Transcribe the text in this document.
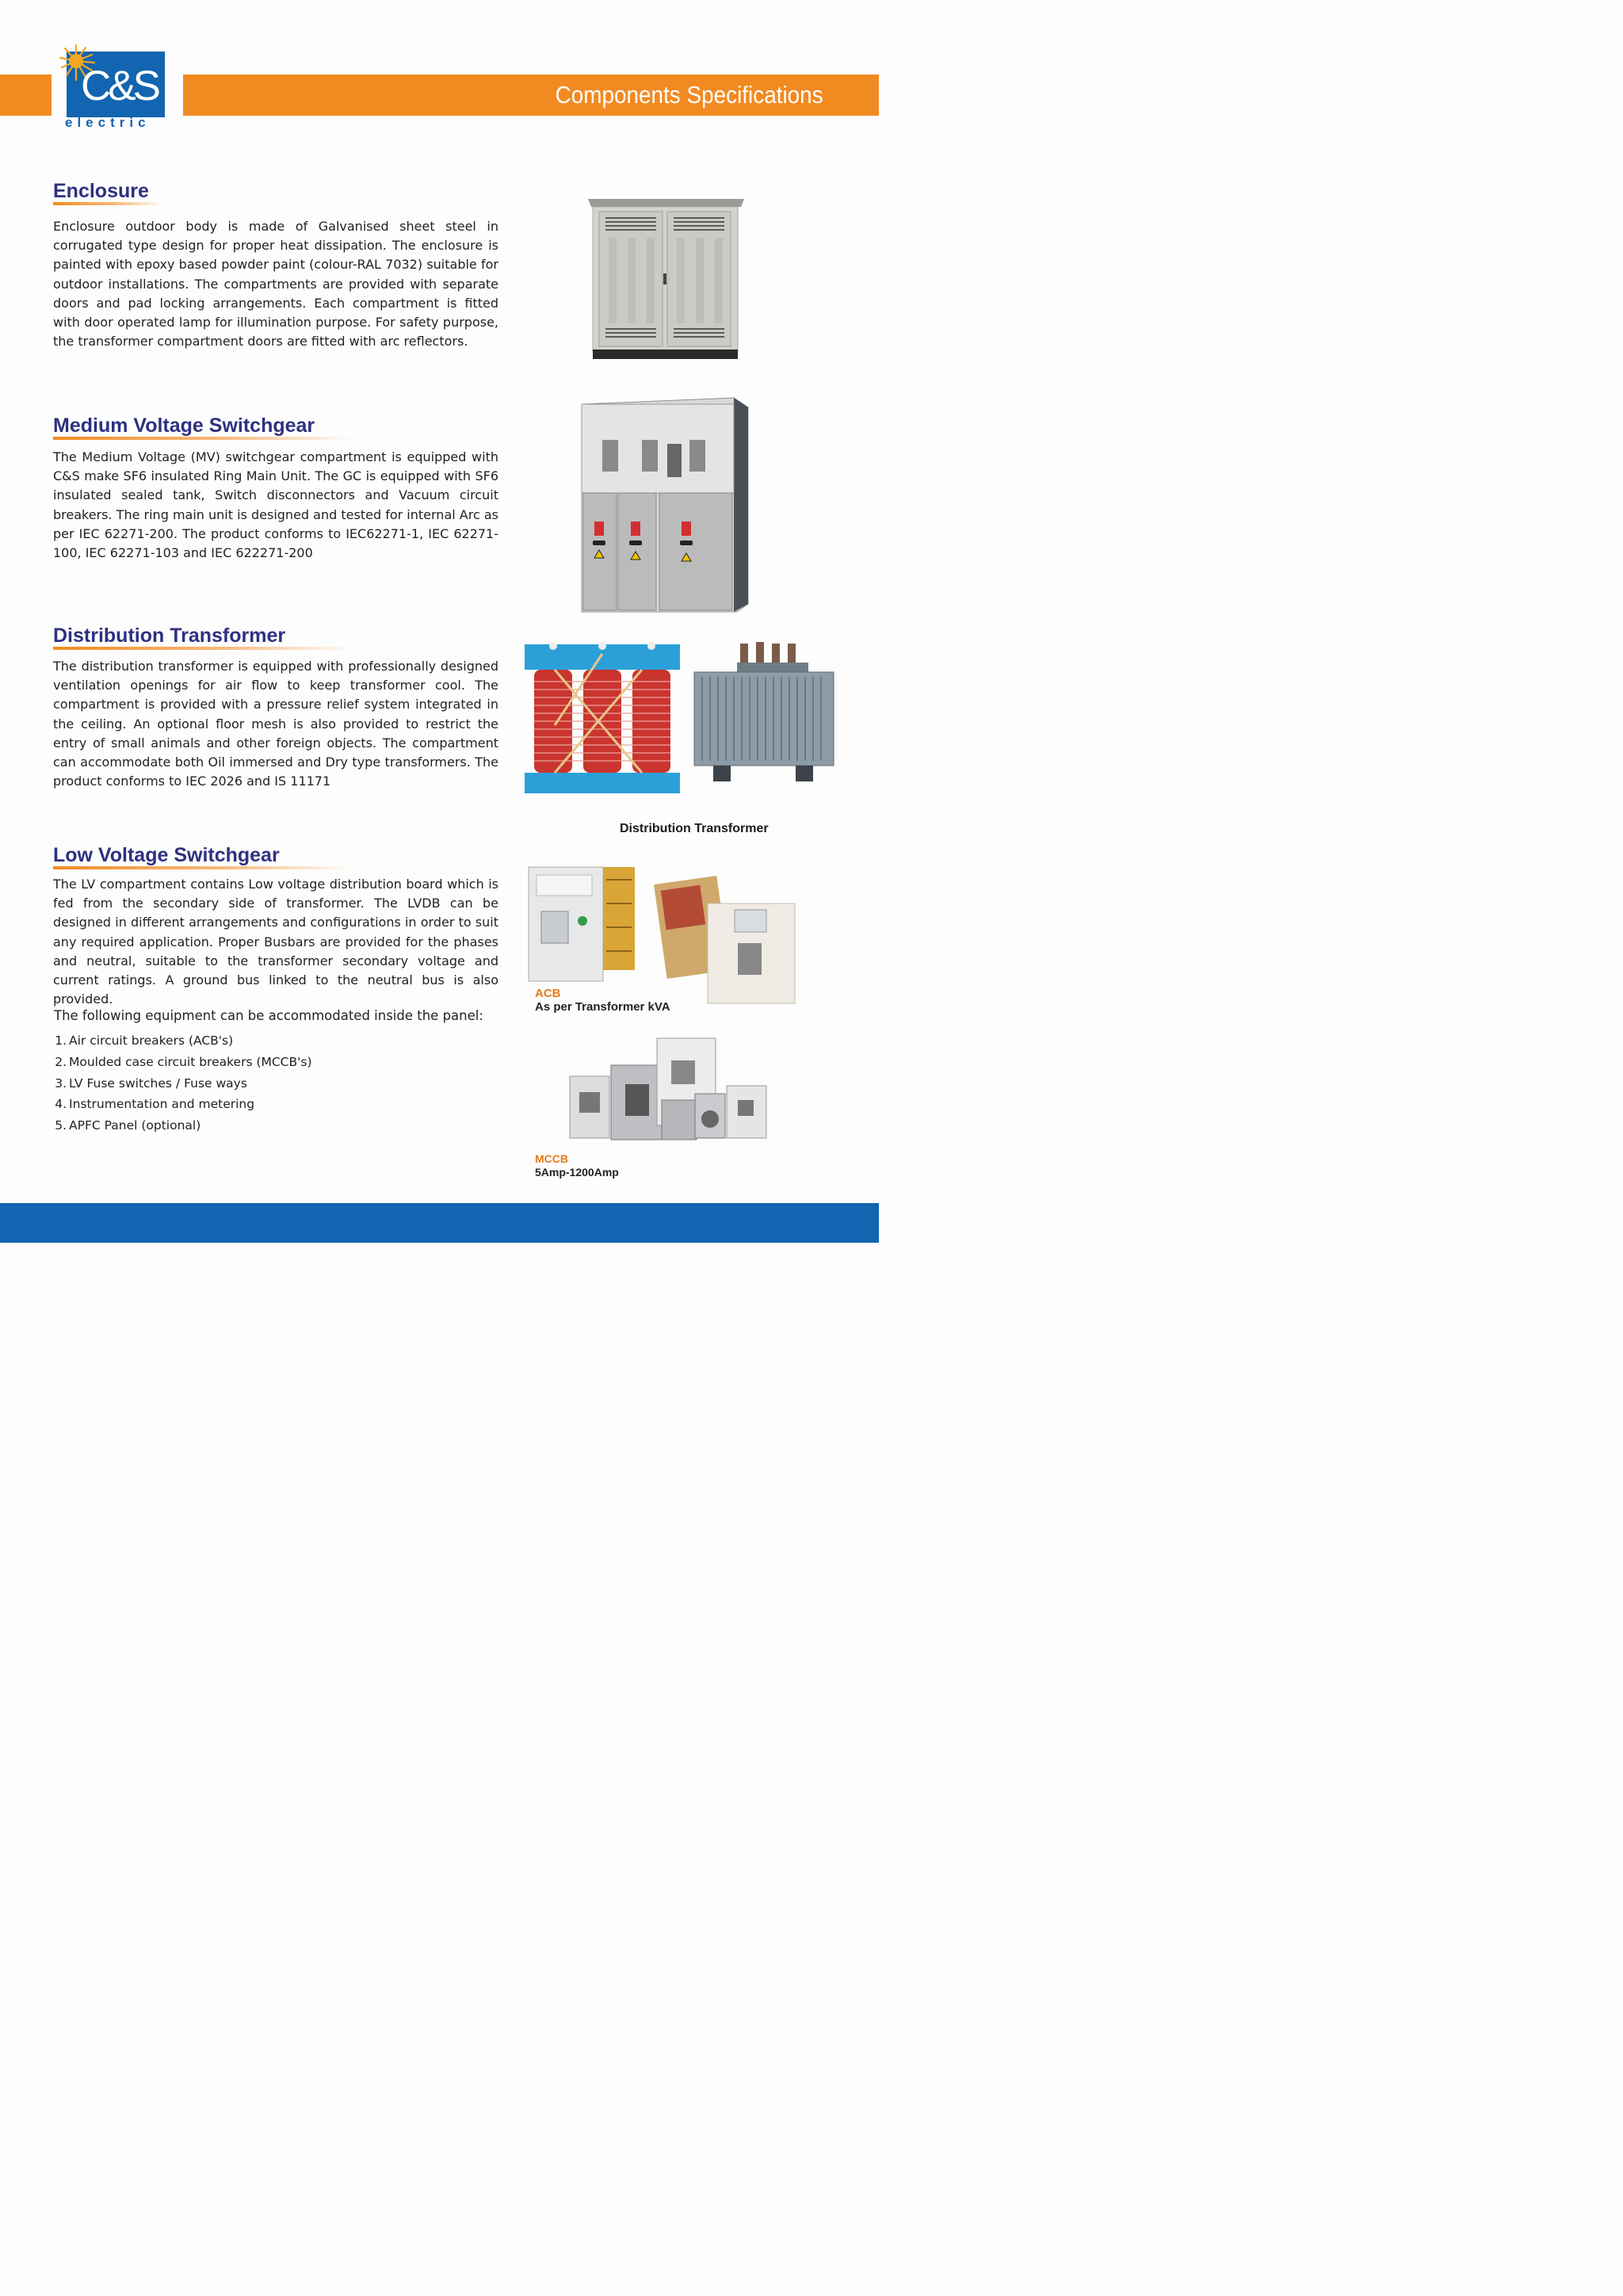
Components Specifications
C&S
electric
Enclosure
Enclosure outdoor body is made of Galvanised sheet steel in corrugated type design for proper heat dissipation. The enclosure is painted with epoxy based powder paint (colour-RAL 7032) suitable for outdoor installations. The compartments are provided with separate doors and pad locking arrangements. Each compartment is fitted with door operated lamp for illumination purpose. For safety purpose, the transformer compartment doors are fitted with arc reflectors.
Medium Voltage Switchgear
The Medium Voltage (MV) switchgear compartment is equipped with C&S make SF6 insulated Ring Main Unit. The GC is equipped with SF6 insulated sealed tank, Switch disconnectors and Vacuum circuit breakers. The ring main unit is designed and tested for internal Arc as per IEC 62271-200. The product conforms to IEC62271-1, IEC 62271-100, IEC 62271-103 and IEC 622271-200
Distribution Transformer
The distribution transformer is equipped with professionally designed ventilation openings for air flow to keep transformer cool. The compartment is provided with a pressure relief system integrated in the ceiling. An optional floor mesh is also provided to restrict the entry of small animals and other foreign objects. The compartment can accommodate both Oil immersed and Dry type transformers. The product conforms to IEC 2026 and IS 11171
Distribution Transformer
Low Voltage Switchgear
The LV compartment contains Low voltage distribution board which is fed from the secondary side of transformer. The LVDB can be designed in different arrangements and configurations in order to suit any required application. Proper Busbars are provided for the phases and neutral, suitable to the transformer secondary voltage and current ratings. A ground bus linked to the neutral bus is also provided.
The following equipment can be accommodated inside the panel:
1. Air circuit breakers (ACB's)
2. Moulded case circuit breakers (MCCB's)
3. LV Fuse switches / Fuse ways
4. Instrumentation and metering
5. APFC Panel (optional)
ACB
As per Transformer kVA
MCCB
5Amp-1200Amp
